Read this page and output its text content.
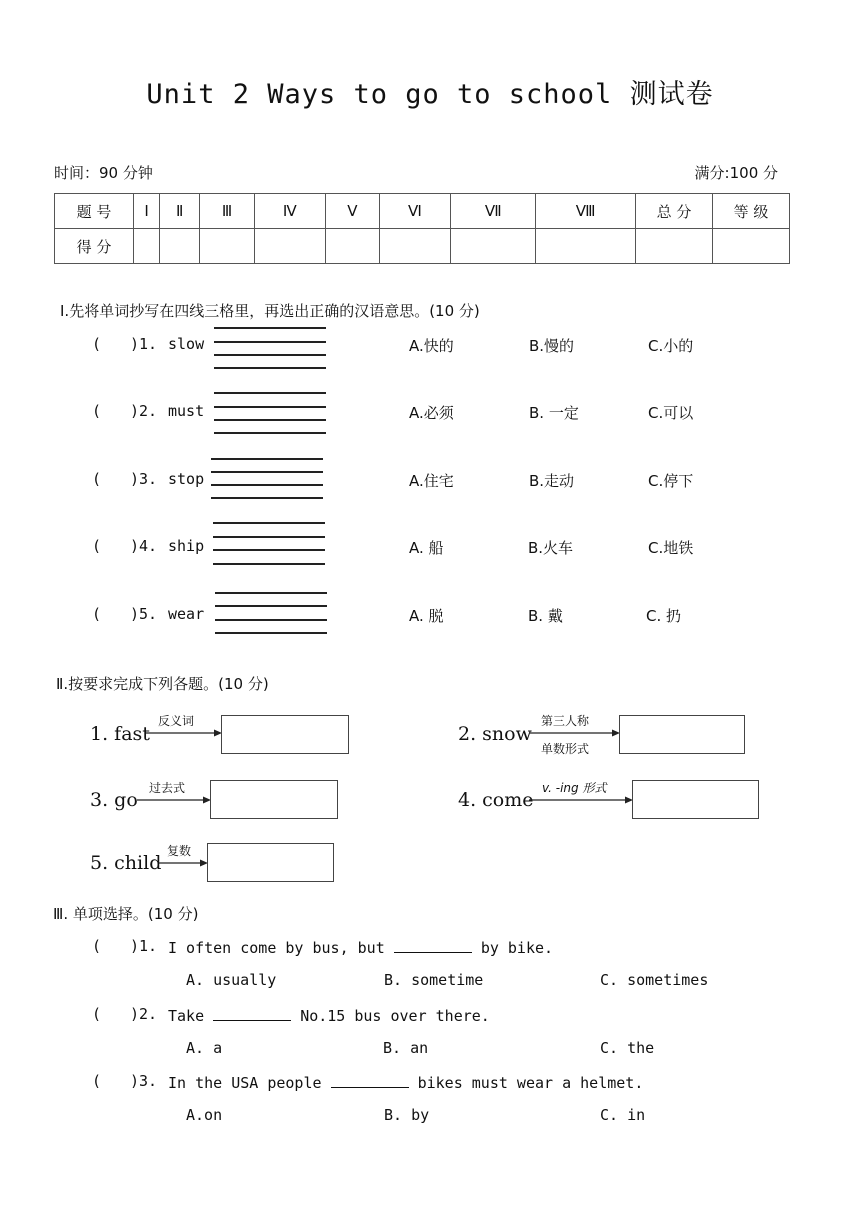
Unit 2 Ways to go to school 测试卷
时间：90 分钟	满分:100 分
题 号	Ⅰ	Ⅱ	Ⅲ	Ⅳ	Ⅴ	Ⅵ	Ⅶ	Ⅷ	总 分	等 级
得 分										
Ⅰ.先将单词抄写在四线三格里，再选出正确的汉语意思。(10 分)
( )1. slow	A.快的	B.慢的	C.小的
( )2. must	A.必须	B. 一定	C.可以
( )3. stop	A.住宅	B.走动	C.停下
( )4. ship	A. 船	B.火车	C.地铁
( )5. wear	A. 脱	B. 戴	C. 扔
Ⅱ.按要求完成下列各题。(10 分)
1. fast
反义词
2. snow
第三人称
单数形式
3. go
过去式
4. come
v. -ing 形式
5. child
复数
Ⅲ. 单项选择。(10 分)
( )1. I often come by bus, but	by bike.
A. usually	B. sometime	C. sometimes
( )2. Take	No.15 bus over there.
A. a	B. an	C. the
( )3. In the USA people	bikes must wear a helmet.
A.on	B. by	C. in
